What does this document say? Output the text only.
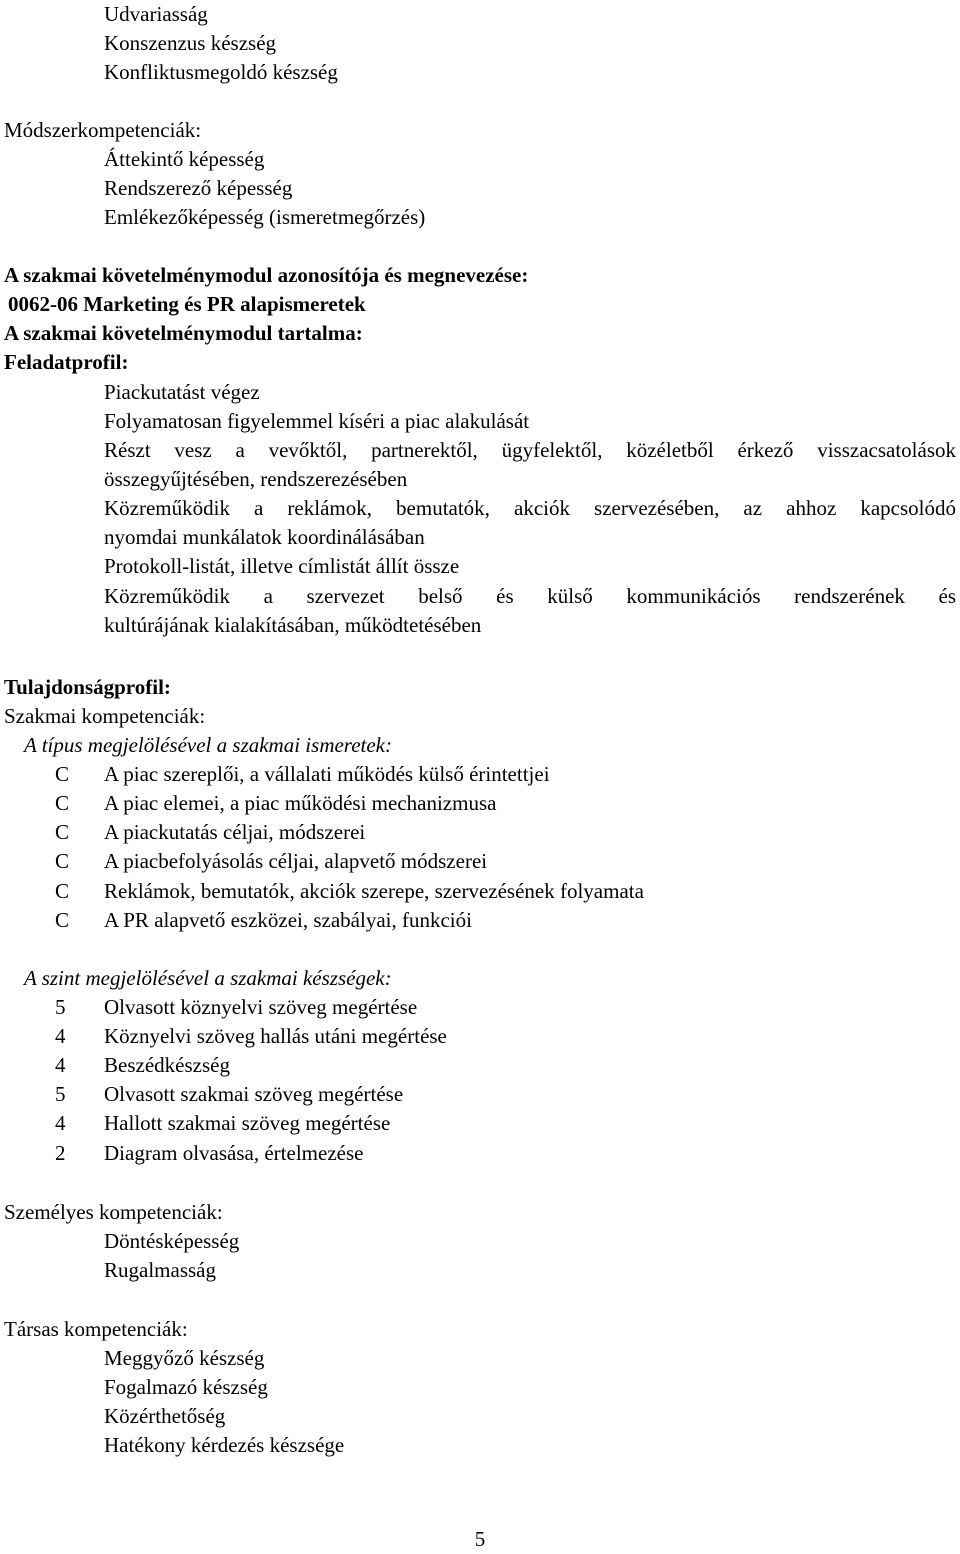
Udvariasság
Konszenzus készség
Konfliktusmegoldó készség
Módszerkompetenciák:
Áttekintő képesség
Rendszerező képesség
Emlékezőképesség (ismeretmegőrzés)
A szakmai követelménymodul azonosítója és megnevezése:
0062-06 Marketing és PR alapismeretek
A szakmai követelménymodul tartalma:
Feladatprofil:
Piackutatást végez
Folyamatosan figyelemmel kíséri a piac alakulását
Részt vesz a vevőktől, partnerektől, ügyfelektől, közéletből érkező visszacsatolások
összegyűjtésében, rendszerezésében
Közreműködik a reklámok, bemutatók, akciók szervezésében, az ahhoz kapcsolódó
nyomdai munkálatok koordinálásában
Protokoll-listát, illetve címlistát állít össze
Közreműködik a szervezet belső és külső kommunikációs rendszerének és
kultúrájának kialakításában, működtetésében
Tulajdonságprofil:
Szakmai kompetenciák:
A típus megjelölésével a szakmai ismeretek:
C A piac szereplői, a vállalati működés külső érintettjei
C A piac elemei, a piac működési mechanizmusa
C A piackutatás céljai, módszerei
C A piacbefolyásolás céljai, alapvető módszerei
C Reklámok, bemutatók, akciók szerepe, szervezésének folyamata
C A PR alapvető eszközei, szabályai, funkciói
A szint megjelölésével a szakmai készségek:
5 Olvasott köznyelvi szöveg megértése
4 Köznyelvi szöveg hallás utáni megértése
4 Beszédkészség
5 Olvasott szakmai szöveg megértése
4 Hallott szakmai szöveg megértése
2 Diagram olvasása, értelmezése
Személyes kompetenciák:
Döntésképesség
Rugalmasság
Társas kompetenciák:
Meggyőző készség
Fogalmazó készség
Közérthetőség
Hatékony kérdezés készsége
5
